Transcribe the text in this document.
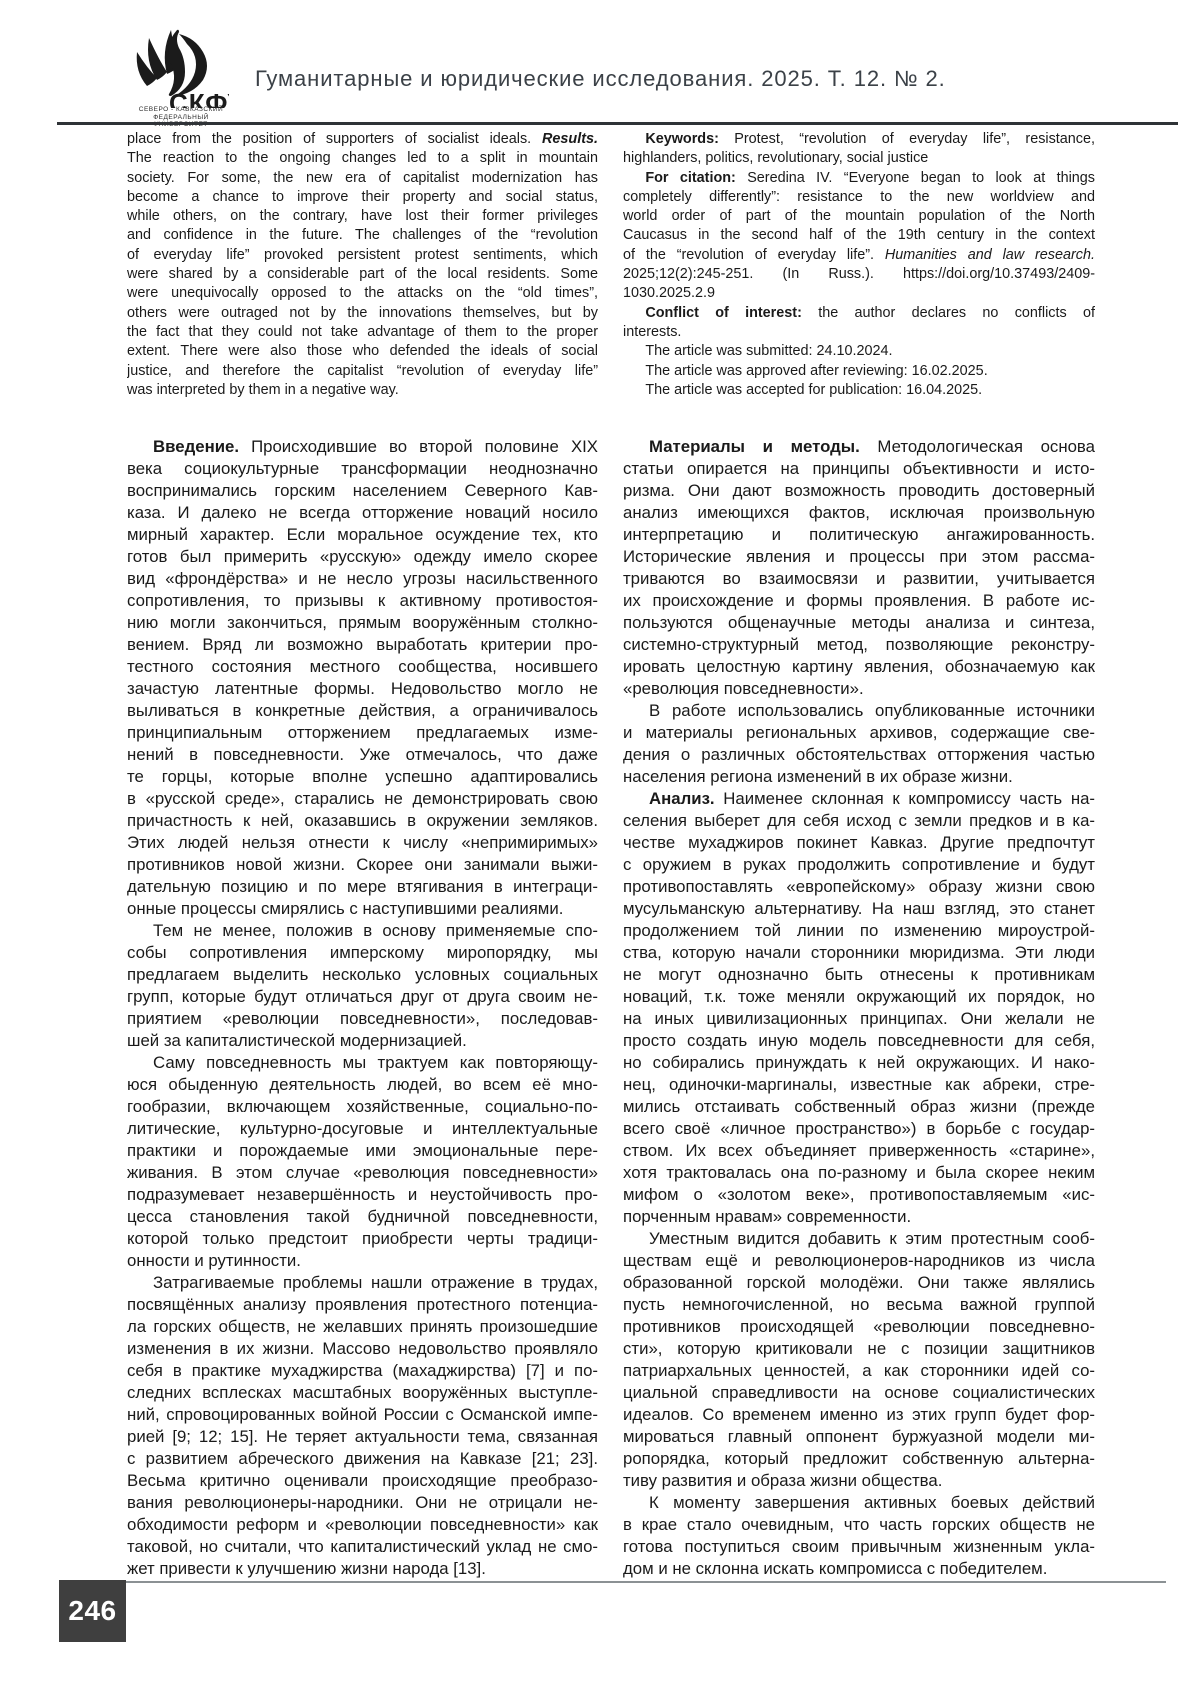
СКФ
СЕВЕРО - КАВКАЗСКИЙ
ФЕДЕРАЛЬНЫЙ
Гуманитарные и юридические исследования. 2025. Т. 12. № 2.
place from the position of supporters of socialist ideals. Results.
The reaction to the ongoing changes led to a split in mountain
society. For some, the new era of capitalist modernization has
become a chance to improve their property and social status,
while others, on the contrary, have lost their former privileges
and confidence in the future. The challenges of the “revolution
of everyday life” provoked persistent protest sentiments, which
were shared by a considerable part of the local residents. Some
were unequivocally opposed to the attacks on the “old times”,
others were outraged not by the innovations themselves, but by
the fact that they could not take advantage of them to the proper
extent. There were also those who defended the ideals of social
justice, and therefore the capitalist “revolution of everyday life”
was interpreted by them in a negative way.
Keywords: Protest, “revolution of everyday life”, resistance,
highlanders, politics, revolutionary, social justice
For citation: Seredina IV. “Everyone began to look at things
completely differently”: resistance to the new worldview and
world order of part of the mountain population of the North
Caucasus in the second half of the 19th century in the context
of the “revolution of everyday life”. Humanities and law research.
2025;12(2):245-251. (In Russ.). https://doi.org/10.37493/2409-
1030.2025.2.9
Conflict of interest: the author declares no conflicts of
interests.
The article was submitted: 24.10.2024.
The article was approved after reviewing: 16.02.2025.
The article was accepted for publication: 16.04.2025.
Введение. Происходившие во второй половине XIX
века социокультурные трансформации неоднозначно
воспринимались горским населением Северного Кав-
каза. И далеко не всегда отторжение новаций носило
мирный характер. Если моральное осуждение тех, кто
готов был примерить «русскую» одежду имело скорее
вид «фрондёрства» и не несло угрозы насильственного
сопротивления, то призывы к активному противостоя-
нию могли закончиться, прямым вооружённым столкно-
вением. Вряд ли возможно выработать критерии про-
тестного состояния местного сообщества, носившего
зачастую латентные формы. Недовольство могло не
выливаться в конкретные действия, а ограничивалось
принципиальным отторжением предлагаемых изме-
нений в повседневности. Уже отмечалось, что даже
те горцы, которые вполне успешно адаптировались
в «русской среде», старались не демонстрировать свою
причастность к ней, оказавшись в окружении земляков.
Этих людей нельзя отнести к числу «непримиримых»
противников новой жизни. Скорее они занимали выжи-
дательную позицию и по мере втягивания в интеграци-
онные процессы смирялись с наступившими реалиями.
Тем не менее, положив в основу применяемые спо-
собы сопротивления имперскому миропорядку, мы
предлагаем выделить несколько условных социальных
групп, которые будут отличаться друг от друга своим не-
приятием «революции повседневности», последовав-
шей за капиталистической модернизацией.
Саму повседневность мы трактуем как повторяющу-
юся обыденную деятельность людей, во всем её мно-
гообразии, включающем хозяйственные, социально-по-
литические, культурно-досуговые и интеллектуальные
практики и порождаемые ими эмоциональные пере-
живания. В этом случае «революция повседневности»
подразумевает незавершённость и неустойчивость про-
цесса становления такой будничной повседневности,
которой только предстоит приобрести черты традици-
онности и рутинности.
Затрагиваемые проблемы нашли отражение в трудах,
посвящённых анализу проявления протестного потенциа-
ла горских обществ, не желавших принять произошедшие
изменения в их жизни. Массово недовольство проявляло
себя в практике мухаджирства (махаджирства) [7] и по-
следних всплесках масштабных вооружённых выступле-
ний, спровоцированных войной России с Османской импе-
рией [9; 12; 15]. Не теряет актуальности тема, связанная
с развитием абреческого движения на Кавказе [21; 23].
Весьма критично оценивали происходящие преобразо-
вания революционеры-народники. Они не отрицали не-
обходимости реформ и «революции повседневности» как
таковой, но считали, что капиталистический уклад не смо-
жет привести к улучшению жизни народа [13].
Материалы и методы. Методологическая основа
статьи опирается на принципы объективности и исто-
ризма. Они дают возможность проводить достоверный
анализ имеющихся фактов, исключая произвольную
интерпретацию и политическую ангажированность.
Исторические явления и процессы при этом рассма-
триваются во взаимосвязи и развитии, учитывается
их происхождение и формы проявления. В работе ис-
пользуются общенаучные методы анализа и синтеза,
системно-структурный метод, позволяющие реконстру-
ировать целостную картину явления, обозначаемую как
«революция повседневности».
В работе использовались опубликованные источники
и материалы региональных архивов, содержащие све-
дения о различных обстоятельствах отторжения частью
населения региона изменений в их образе жизни.
Анализ. Наименее склонная к компромиссу часть на-
селения выберет для себя исход с земли предков и в ка-
честве мухаджиров покинет Кавказ. Другие предпочтут
с оружием в руках продолжить сопротивление и будут
противопоставлять «европейскому» образу жизни свою
мусульманскую альтернативу. На наш взгляд, это станет
продолжением той линии по изменению мироустрой-
ства, которую начали сторонники мюридизма. Эти люди
не могут однозначно быть отнесены к противникам
новаций, т.к. тоже меняли окружающий их порядок, но
на иных цивилизационных принципах. Они желали не
просто создать иную модель повседневности для себя,
но собирались принуждать к ней окружающих. И нако-
нец, одиночки-маргиналы, известные как абреки, стре-
мились отстаивать собственный образ жизни (прежде
всего своё «личное пространство») в борьбе с государ-
ством. Их всех объединяет приверженность «старине»,
хотя трактовалась она по-разному и была скорее неким
мифом о «золотом веке», противопоставляемым «ис-
порченным нравам» современности.
Уместным видится добавить к этим протестным сооб-
ществам ещё и революционеров-народников из числа
образованной горской молодёжи. Они также являлись
пусть немногочисленной, но весьма важной группой
противников происходящей «революции повседневно-
сти», которую критиковали не с позиции защитников
патриархальных ценностей, а как сторонники идей со-
циальной справедливости на основе социалистических
идеалов. Со временем именно из этих групп будет фор-
мироваться главный оппонент буржуазной модели ми-
ропорядка, который предложит собственную альтерна-
тиву развития и образа жизни общества.
К моменту завершения активных боевых действий
в крае стало очевидным, что часть горских обществ не
готова поступиться своим привычным жизненным укла-
дом и не склонна искать компромисса с победителем.
246
